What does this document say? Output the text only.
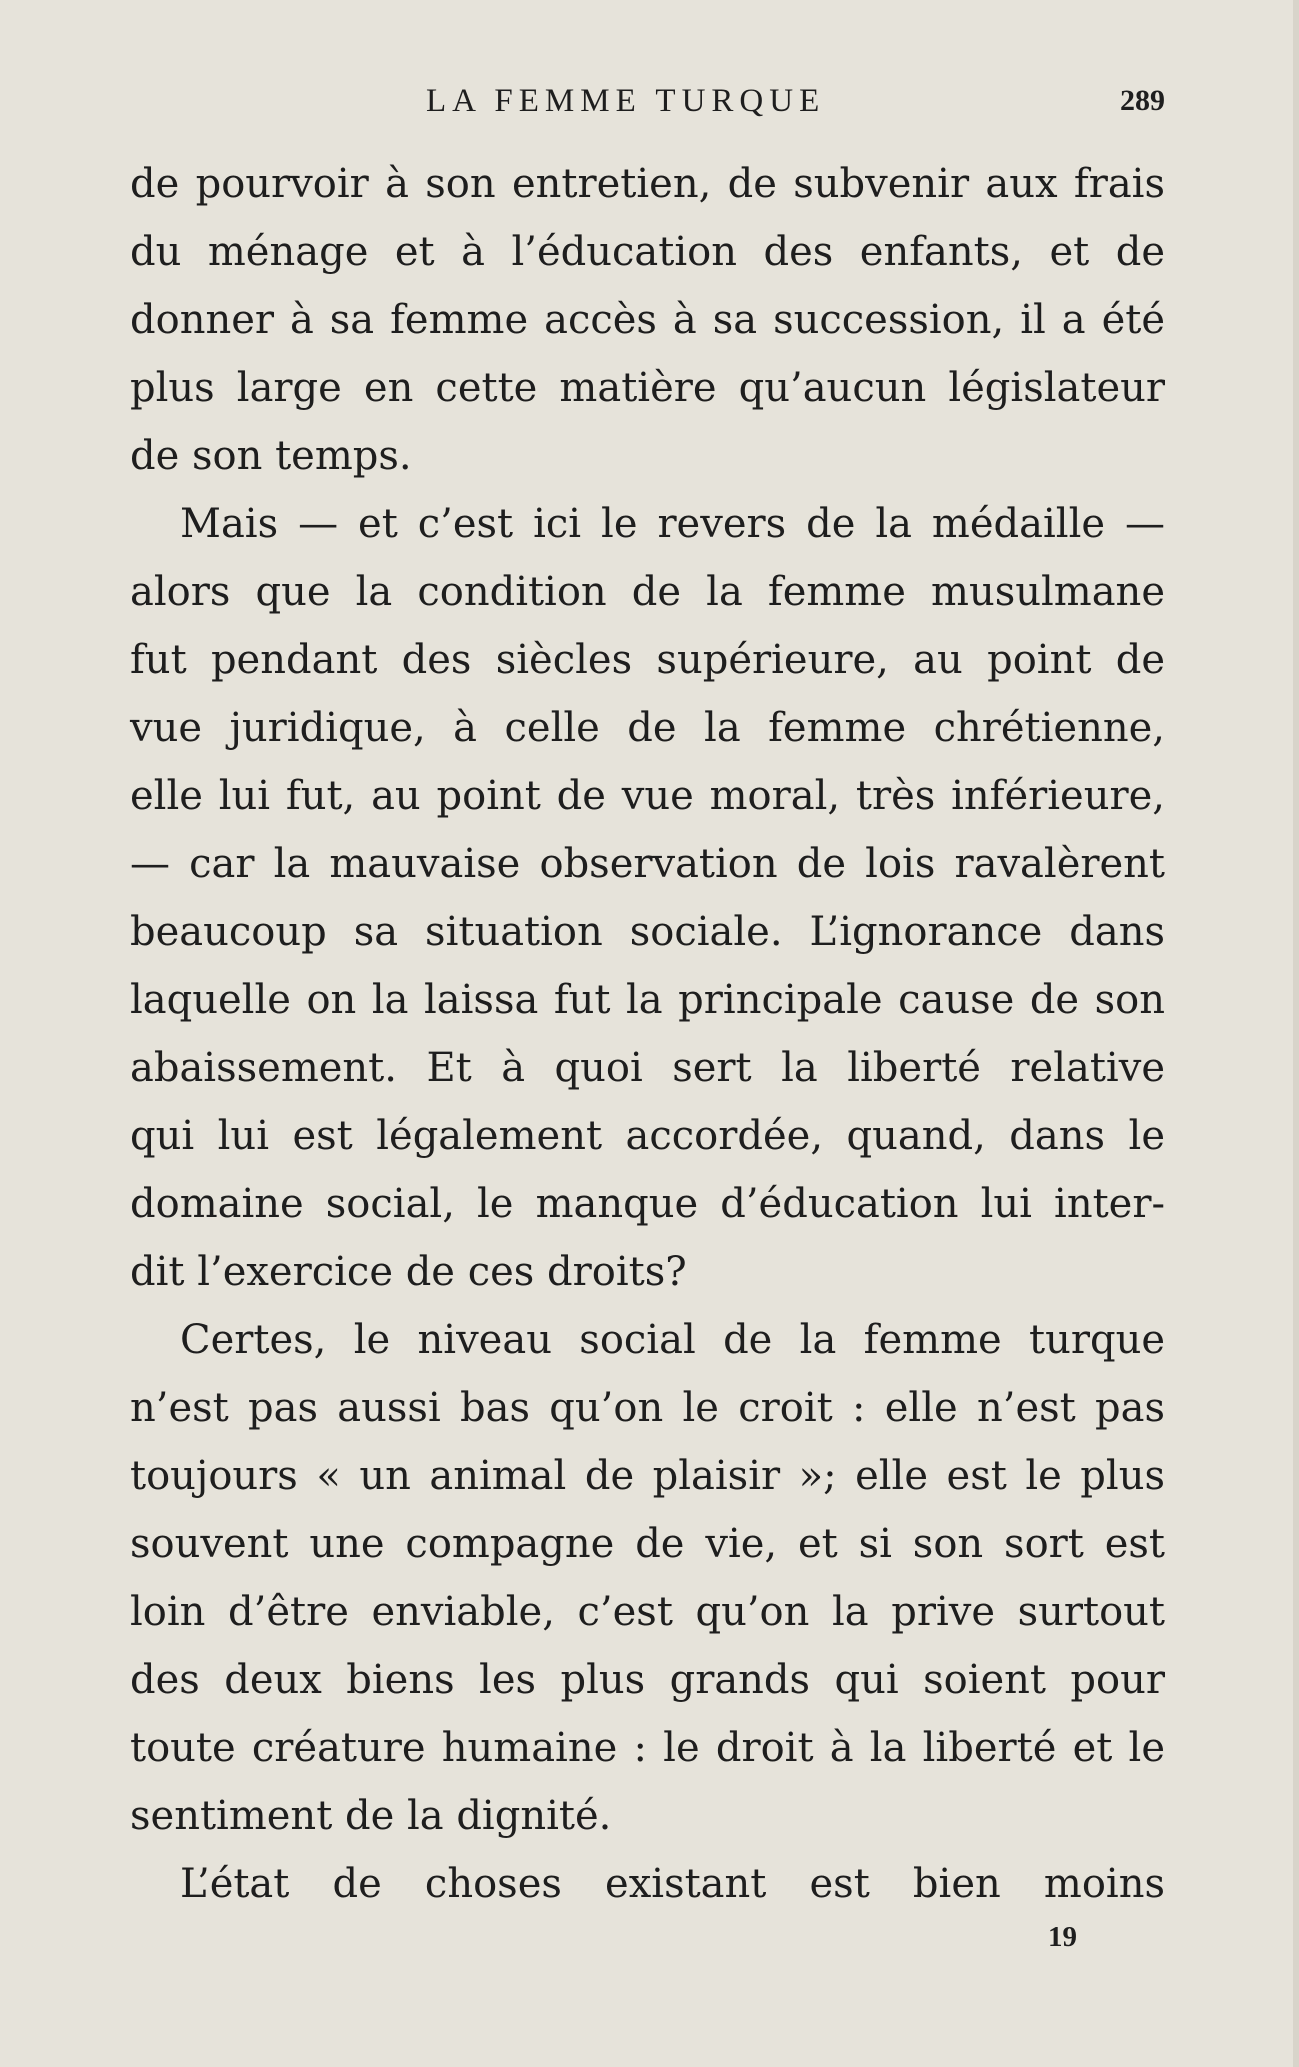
LA FEMME TURQUE	289
de pourvoir à son entretien, de subvenir aux frais
du ménage et à l’éducation des enfants, et de
donner à sa femme accès à sa succession, il a été
plus large en cette matière qu’aucun législateur
de son temps.
Mais — et c’est ici le revers de la médaille —
alors que la condition de la femme musulmane
fut pendant des siècles supérieure, au point de
vue juridique, à celle de la femme chrétienne,
elle lui fut, au point de vue moral, très inférieure,
— car la mauvaise observation de lois ravalèrent
beaucoup sa situation sociale. L’ignorance dans
laquelle on la laissa fut la principale cause de son
abaissement. Et à quoi sert la liberté relative
qui lui est légalement accordée, quand, dans le
domaine social, le manque d’éducation lui inter-
dit l’exercice de ces droits?
Certes, le niveau social de la femme turque
n’est pas aussi bas qu’on le croit : elle n’est pas
toujours « un animal de plaisir »; elle est le plus
souvent une compagne de vie, et si son sort est
loin d’être enviable, c’est qu’on la prive surtout
des deux biens les plus grands qui soient pour
toute créature humaine : le droit à la liberté et le
sentiment de la dignité.
L’état de choses existant est bien moins
19
